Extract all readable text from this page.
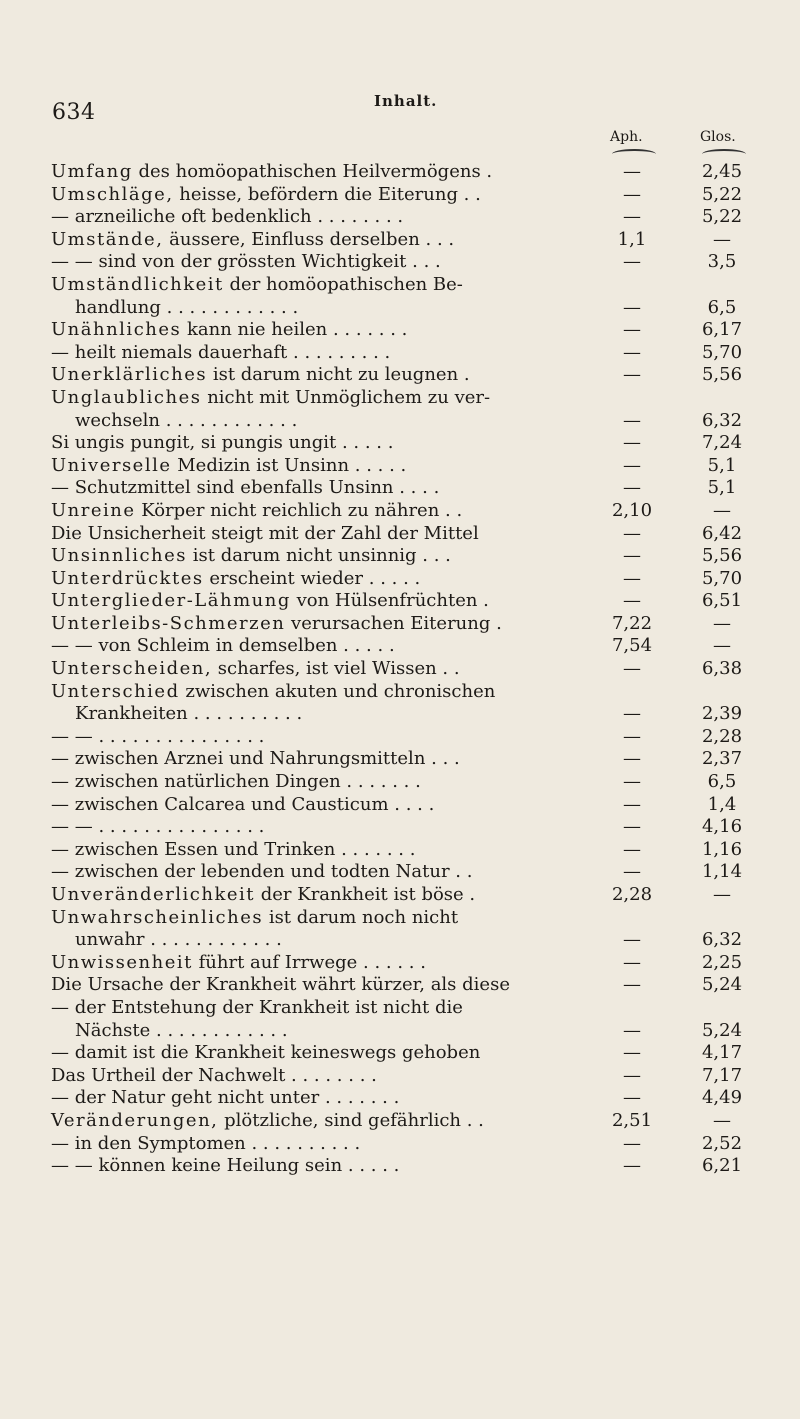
634	Inhalt.
Aph.	Glos.
Umfang des homöopathischen Heilvermögens .	—	2,45
Umschläge, heisse, befördern die Eiterung . .	—	5,22
— arzneiliche oft bedenklich . . . . . . . .	—	5,22
Umstände, äussere, Einfluss derselben . . .	1,1	—
— — sind von der grössten Wichtigkeit . . .	—	3,5
Umständlichkeit der homöopathischen Be-
handlung . . . . . . . . . . . .	—	6,5
Unähnliches kann nie heilen . . . . . . .	—	6,17
— heilt niemals dauerhaft . . . . . . . . .	—	5,70
Unerklärliches ist darum nicht zu leugnen .	—	5,56
Unglaubliches nicht mit Unmöglichem zu ver-
wechseln . . . . . . . . . . . .	—	6,32
Si ungis pungit, si pungis ungit . . . . .	—	7,24
Universelle Medizin ist Unsinn . . . . .	—	5,1
— Schutzmittel sind ebenfalls Unsinn . . . .	—	5,1
Unreine Körper nicht reichlich zu nähren . .	2,10	—
Die Unsicherheit steigt mit der Zahl der Mittel	—	6,42
Unsinnliches ist darum nicht unsinnig . . .	—	5,56
Unterdrücktes erscheint wieder . . . . .	—	5,70
Unterglieder-Lähmung von Hülsenfrüchten .	—	6,51
Unterleibs-Schmerzen verursachen Eiterung .	7,22	—
— — von Schleim in demselben . . . . .	7,54	—
Unterscheiden, scharfes, ist viel Wissen . .	—	6,38
Unterschied zwischen akuten und chronischen
Krankheiten . . . . . . . . . .	—	2,39
— — . . . . . . . . . . . . . . .	—	2,28
— zwischen Arznei und Nahrungsmitteln . . .	—	2,37
— zwischen natürlichen Dingen . . . . . . .	—	6,5
— zwischen Calcarea und Causticum . . . .	—	1,4
— — . . . . . . . . . . . . . . .	—	4,16
— zwischen Essen und Trinken . . . . . . .	—	1,16
— zwischen der lebenden und todten Natur . .	—	1,14
Unveränderlichkeit der Krankheit ist böse .	2,28	—
Unwahrscheinliches ist darum noch nicht
unwahr . . . . . . . . . . . .	—	6,32
Unwissenheit führt auf Irrwege . . . . . .	—	2,25
Die Ursache der Krankheit währt kürzer, als diese	—	5,24
— der Entstehung der Krankheit ist nicht die
Nächste . . . . . . . . . . . .	—	5,24
— damit ist die Krankheit keineswegs gehoben	—	4,17
Das Urtheil der Nachwelt . . . . . . . .	—	7,17
— der Natur geht nicht unter . . . . . . .	—	4,49
Veränderungen, plötzliche, sind gefährlich . .	2,51	—
— in den Symptomen . . . . . . . . . .	—	2,52
— — können keine Heilung sein . . . . .	—	6,21
